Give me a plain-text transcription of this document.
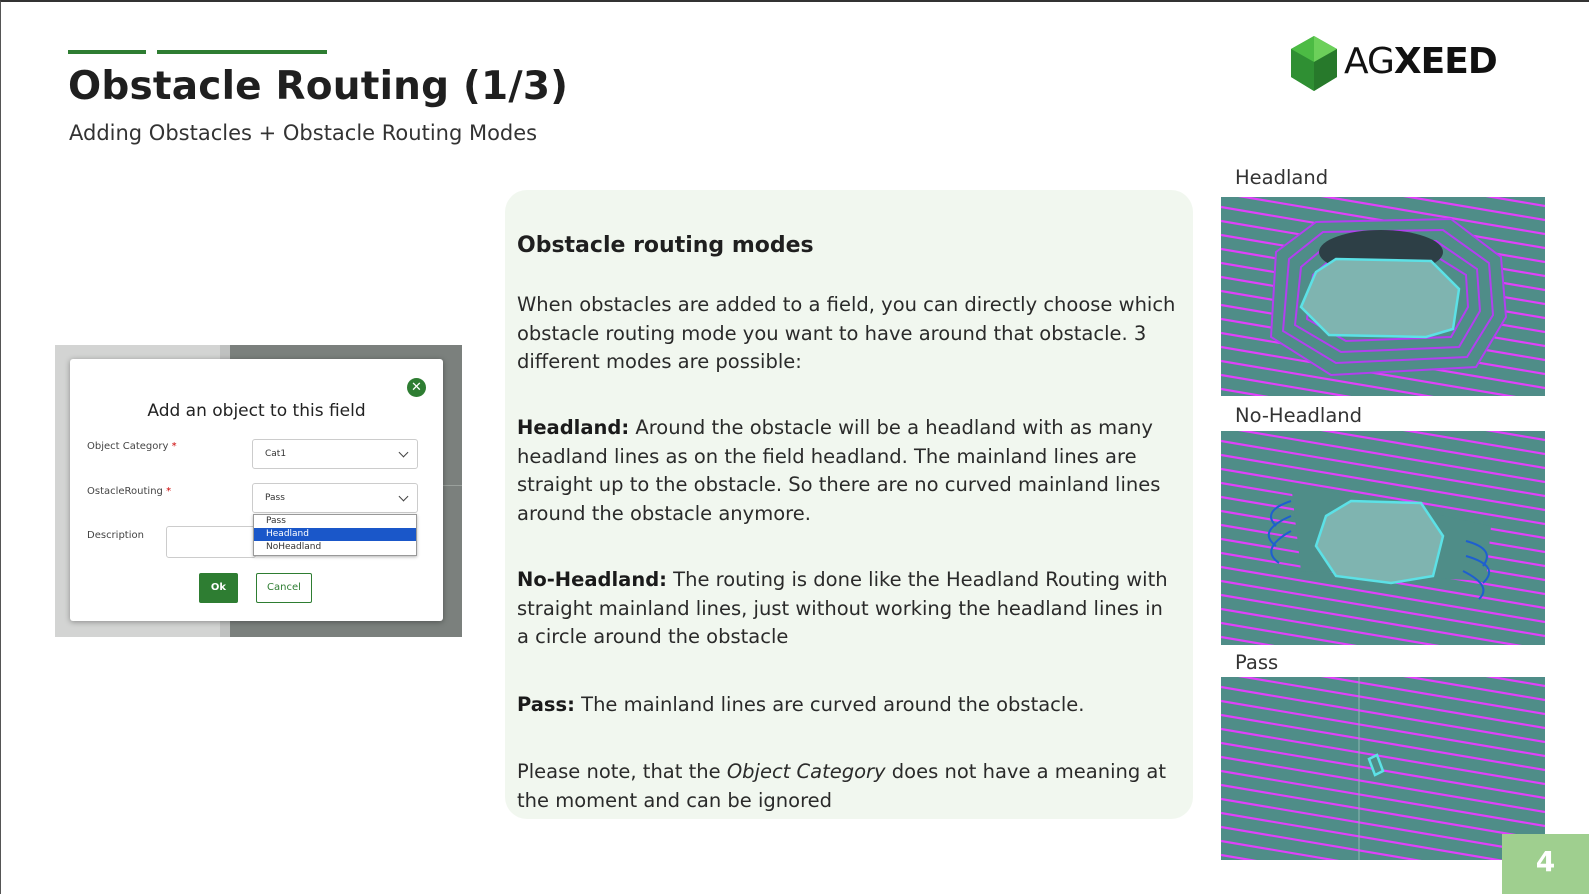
Obstacle Routing (1/3)
Adding Obstacles + Obstacle Routing Modes
AGXEED
✕
Add an object to this field
Object Category *
Cat1
OstacleRouting *
Pass
Description
Pass
Headland
NoHeadland
Ok	Cancel
Obstacle routing modes
When obstacles are added to a field, you can directly choose which obstacle routing mode you want to have around that obstacle. 3 different modes are possible:
Headland: Around the obstacle will be a headland with as many headland lines as on the field headland. The mainland lines are straight up to the obstacle. So there are no curved mainland lines around the obstacle anymore.
No-Headland: The routing is done like the Headland Routing with straight mainland lines, just without working the headland lines in a circle around the obstacle
Pass: The mainland lines are curved around the obstacle.
Please note, that the Object Category does not have a meaning at the moment and can be ignored
Headland
No-Headland
Pass
4
